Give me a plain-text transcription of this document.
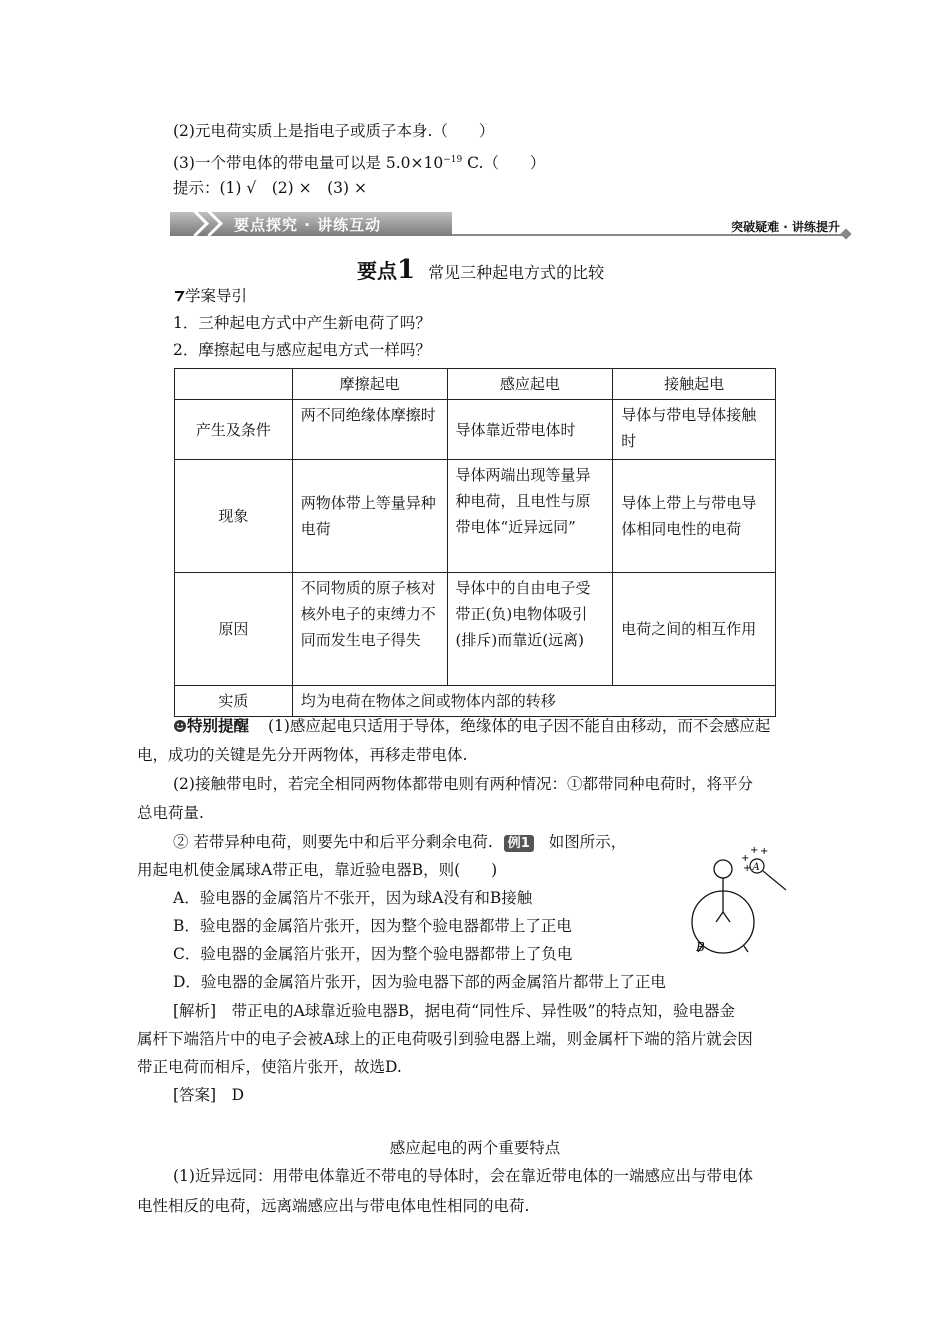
(2)元电荷实质上是指电子或质子本身.（　　）
(3)一个带电体的带电量可以是 $5.0\times 10^{-19}$ C.（　　）
提示：(1) √　(2) ×　(3) ×
要点探究 · 讲练互动	突破疑难 · 讲练提升
要点1 常见三种起电方式的比较
学案导引
1．三种起电方式中产生新电荷了吗？
2．摩擦起电与感应起电方式一样吗？
	摩擦起电	感应起电	接触起电
产生及条件	两不同绝缘体摩擦时	导体靠近带电体时	导体与带电导体接触时
现象	两物体带上等量异种电荷	导体两端出现等量异种电荷，且电性与原带电体“近异远同”	导体上带上与带电导体相同电性的电荷
原因	不同物质的原子核对核外电子的束缚力不同而发生电子得失	导体中的自由电子受带正(负)电物体吸引(排斥)而靠近(远离)	电荷之间的相互作用
实质	均为电荷在物体之间或物体内部的转移		
特别提醒 (1)感应起电只适用于导体，绝缘体的电子因不能自由移动，而不会感应起
电，成功的关键是先分开两物体，再移走带电体.
(2)接触带电时，若完全相同两物体都带电则有两种情况：①都带同种电荷时，将平分
总电荷量.
② 若带异种电荷，则要先中和后平分剩余电荷. 例1 如图所示，
用起电机使金属球A带正电，靠近验电器B，则(　　)
A．验电器的金属箔片不张开，因为球A没有和B接触
B．验电器的金属箔片张开，因为整个验电器都带上了正电
C．验电器的金属箔片张开，因为整个验电器都带上了负电
D．验电器的金属箔片张开，因为验电器下部的两金属箔片都带上了正电
B
A
+
+ +
+
[解析]　带正电的A球靠近验电器B，据电荷“同性斥、异性吸”的特点知，验电器金
属杆下端箔片中的电子会被A球上的正电荷吸引到验电器上端，则金属杆下端的箔片就会因
带正电荷而相斥，使箔片张开，故选D.
[答案]　D
感应起电的两个重要特点
(1)近异远同：用带电体靠近不带电的导体时，会在靠近带电体的一端感应出与带电体
电性相反的电荷，远离端感应出与带电体电性相同的电荷.
